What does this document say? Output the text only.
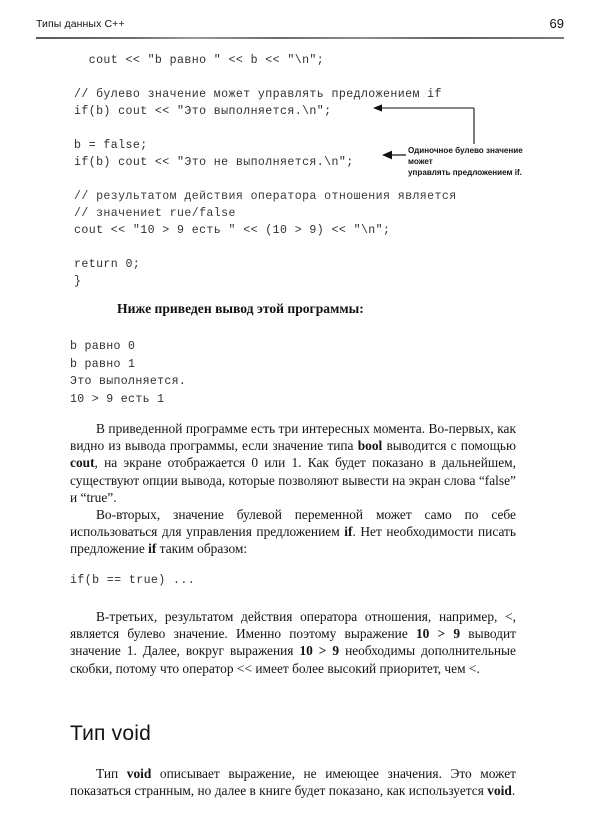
Типы данных C++	69
cout << "b равно " << b << "\n";
// булево значение может управлять предложением if
if(b) cout << "Это выполняется.\n";
b = false;
if(b) cout << "Это не выполняется.\n";
Одиночное булево значение может
управлять предложением if.
// результатом действия оператора отношения является
// значениеt rue/false
cout << "10 > 9 есть " << (10 > 9) << "\n";
return 0;
}
Ниже приведен вывод этой программы:
b равно 0
b равно 1
Это выполняется.
10 > 9 есть 1
В приведенной программе есть три интересных момента. Во-первых, как видно из вывода программы, если значение типа bool выводится с помощью cout, на экране отображается 0 или 1. Как будет показано в дальнейшем, существуют опции вывода, которые позволяют вывести на экран слова “false” и “true”.
Во-вторых, значение булевой переменной может само по себе использоваться для управления предложением if. Нет необходимости писать предложение if таким образом:
if(b == true) ...
В-третьих, результатом действия оператора отношения, например, <, является булево значение. Именно поэтому выражение 10 > 9 выводит значение 1. Далее, вокруг выражения 10 > 9 необходимы дополнительные скобки, потому что оператор << имеет более высокий приоритет, чем <.
Тип void
Тип void описывает выражение, не имеющее значения. Это может показаться странным, но далее в книге будет показано, как используется void.
